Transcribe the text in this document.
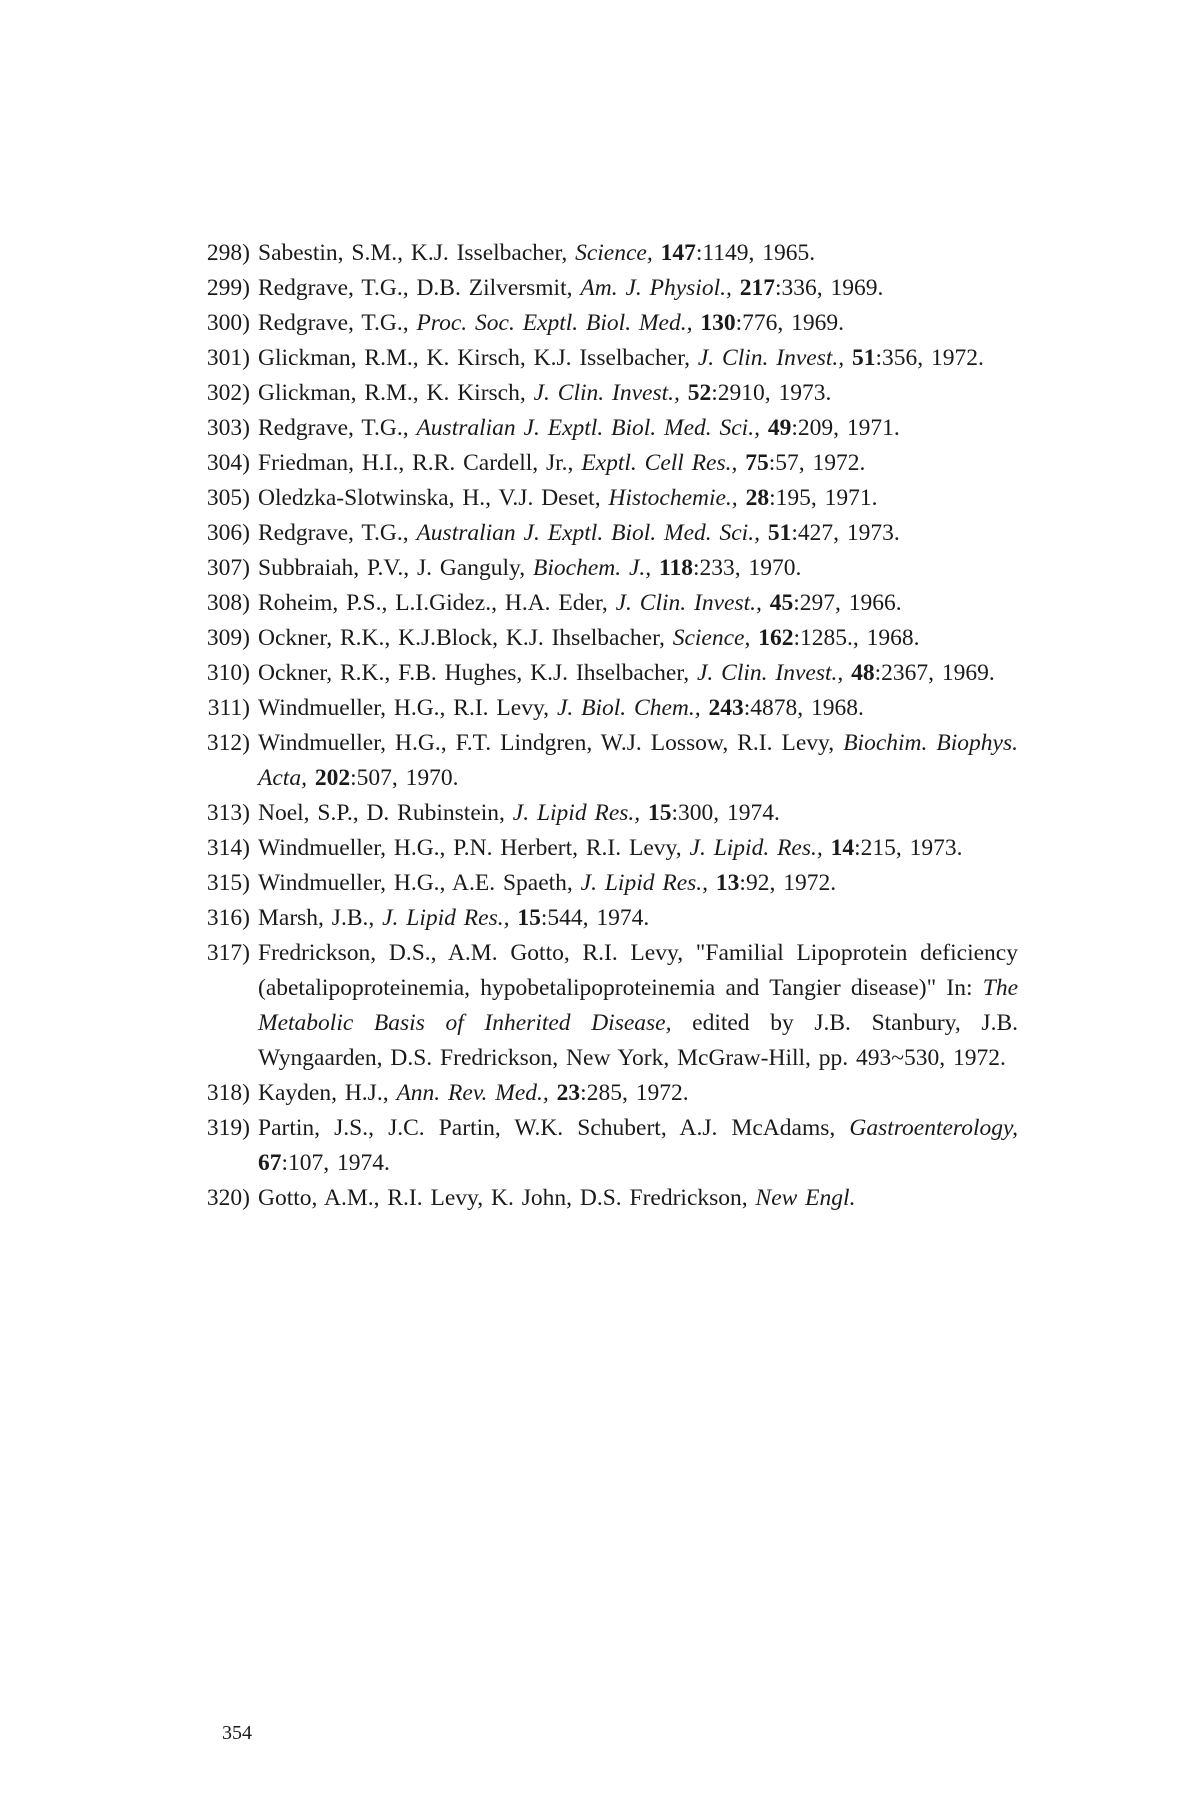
298) Sabestin, S.M., K.J. Isselbacher, Science, 147:1149, 1965.
299) Redgrave, T.G., D.B. Zilversmit, Am. J. Physiol., 217:336, 1969.
300) Redgrave, T.G., Proc. Soc. Exptl. Biol. Med., 130:776, 1969.
301) Glickman, R.M., K. Kirsch, K.J. Isselbacher, J. Clin. Invest., 51:356, 1972.
302) Glickman, R.M., K. Kirsch, J. Clin. Invest., 52:2910, 1973.
303) Redgrave, T.G., Australian J. Exptl. Biol. Med. Sci., 49:209, 1971.
304) Friedman, H.I., R.R. Cardell, Jr., Exptl. Cell Res., 75:57, 1972.
305) Oledzka-Slotwinska, H., V.J. Deset, Histochemie., 28:195, 1971.
306) Redgrave, T.G., Australian J. Exptl. Biol. Med. Sci., 51:427, 1973.
307) Subbraiah, P.V., J. Ganguly, Biochem. J., 118:233, 1970.
308) Roheim, P.S., L.I.Gidez., H.A. Eder, J. Clin. Invest., 45:297, 1966.
309) Ockner, R.K., K.J.Block, K.J. Ihselbacher, Science, 162:1285., 1968.
310) Ockner, R.K., F.B. Hughes, K.J. Ihselbacher, J. Clin. Invest., 48:2367, 1969.
311) Windmueller, H.G., R.I. Levy, J. Biol. Chem., 243:4878, 1968.
312) Windmueller, H.G., F.T. Lindgren, W.J. Lossow, R.I. Levy, Biochim. Biophys. Acta, 202:507, 1970.
313) Noel, S.P., D. Rubinstein, J. Lipid Res., 15:300, 1974.
314) Windmueller, H.G., P.N. Herbert, R.I. Levy, J. Lipid. Res., 14:215, 1973.
315) Windmueller, H.G., A.E. Spaeth, J. Lipid Res., 13:92, 1972.
316) Marsh, J.B., J. Lipid Res., 15:544, 1974.
317) Fredrickson, D.S., A.M. Gotto, R.I. Levy, "Familial Lipoprotein deficiency (abetalipoproteinemia, hypobetalipoproteinemia and Tangier disease)" In: The Metabolic Basis of Inherited Disease, edited by J.B. Stanbury, J.B. Wyngaarden, D.S. Fredrickson, New York, McGraw-Hill, pp. 493~530, 1972.
318) Kayden, H.J., Ann. Rev. Med., 23:285, 1972.
319) Partin, J.S., J.C. Partin, W.K. Schubert, A.J. McAdams, Gastroenterology, 67:107, 1974.
320) Gotto, A.M., R.I. Levy, K. John, D.S. Fredrickson, New Engl.
354
